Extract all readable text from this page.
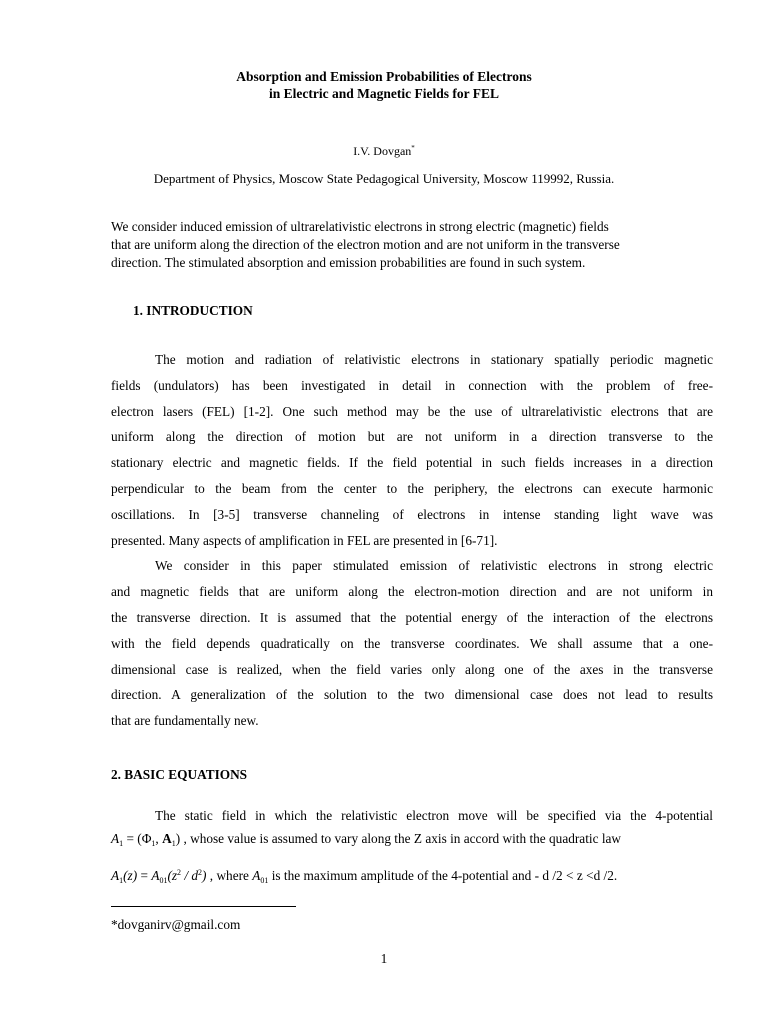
Absorption and Emission Probabilities of Electrons
in Electric and Magnetic Fields for FEL
I.V. Dovgan*
Department of Physics, Moscow State Pedagogical University, Moscow 119992, Russia.
We consider induced emission of ultrarelativistic electrons in strong electric (magnetic) fields
that are uniform along the direction of the electron motion and are not uniform in the transverse
direction. The stimulated absorption and emission probabilities are found in such system.
1. INTRODUCTION
The motion and radiation of relativistic electrons in stationary spatially periodic magnetic
fields (undulators) has been investigated in detail in connection with the problem of free-
electron lasers (FEL) [1-2]. One such method may be the use of ultrarelativistic electrons that are
uniform along the direction of motion but are not uniform in a direction transverse to the
stationary electric and magnetic fields. If the field potential in such fields increases in a direction
perpendicular to the beam from the center to the periphery, the electrons can execute harmonic
oscillations. In [3-5] transverse channeling of electrons in intense standing light wave was
presented. Many aspects of amplification in FEL are presented in [6-71].
We consider in this paper stimulated emission of relativistic electrons in strong electric
and magnetic fields that are uniform along the electron-motion direction and are not uniform in
the transverse direction. It is assumed that the potential energy of the interaction of the electrons
with the field depends quadratically on the transverse coordinates. We shall assume that a one-
dimensional case is realized, when the field varies only along one of the axes in the transverse
direction. A generalization of the solution to the two dimensional case does not lead to results
that are fundamentally new.
2. BASIC EQUATIONS
The static field in which the relativistic electron move will be specified via the 4-potential
$A_1 = (\Phi_1$, $A_1$) , whose value is assumed to vary along the Z axis in accord with the quadratic law
$A_1(z) = A_{01}(z^2 / d^2)$ , where $A_{01}$ is the maximum amplitude of the 4-potential and - d /2 < z <d /2.
*dovganirv@gmail.com
1
